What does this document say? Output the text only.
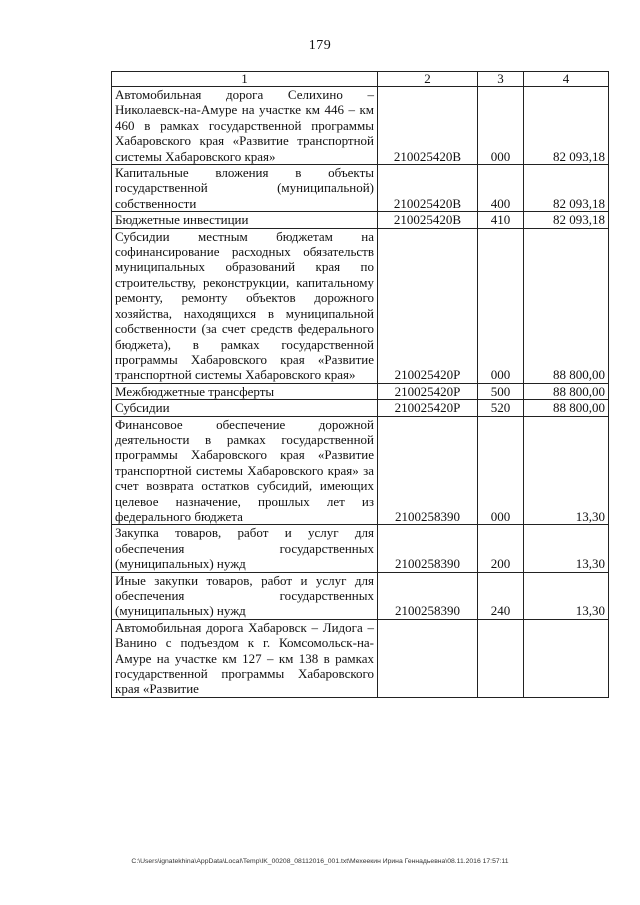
179
1	2	3	4
Автомобильная дорога Селихино – Николаевск-на-Амуре на участке км 446 – км 460 в рамках государственной программы Хабаровского края «Развитие транспортной системы Хабаровского края»	210025420В	000	82 093,18
Капитальные вложения в объекты государственной (муниципальной) собственности	210025420В	400	82 093,18
Бюджетные инвестиции	210025420В	410	82 093,18
Субсидии местным бюджетам на софинансирование расходных обязательств муниципальных образований края по строительству, реконструкции, капитальному ремонту, ремонту объектов дорожного хозяйства, находящихся в муниципальной собственности (за счет средств федерального бюджета), в рамках государственной программы Хабаровского края «Развитие транспортной системы Хабаровского края»	210025420Р	000	88 800,00
Межбюджетные трансферты	210025420Р	500	88 800,00
Субсидии	210025420Р	520	88 800,00
Финансовое обеспечение дорожной деятельности в рамках государственной программы Хабаровского края «Развитие транспортной системы Хабаровского края» за счет возврата остатков субсидий, имеющих целевое назначение, прошлых лет из федерального бюджета	2100258390	000	13,30
Закупка товаров, работ и услуг для обеспечения государственных (муниципальных) нужд	2100258390	200	13,30
Иные закупки товаров, работ и услуг для обеспечения государственных (муниципальных) нужд	2100258390	240	13,30
Автомобильная дорога Хабаровск – Лидога – Ванино с подъездом к г. Комсомольск-на-Амуре на участке км 127 – км 138 в рамках государственной программы Хабаровского края «Развитие			
C:\Users\ignatekhina\AppData\Local\Temp\IK_00208_08112016_001.txt\Мехеекин Ирина Геннадьевна\08.11.2016 17:57:11
